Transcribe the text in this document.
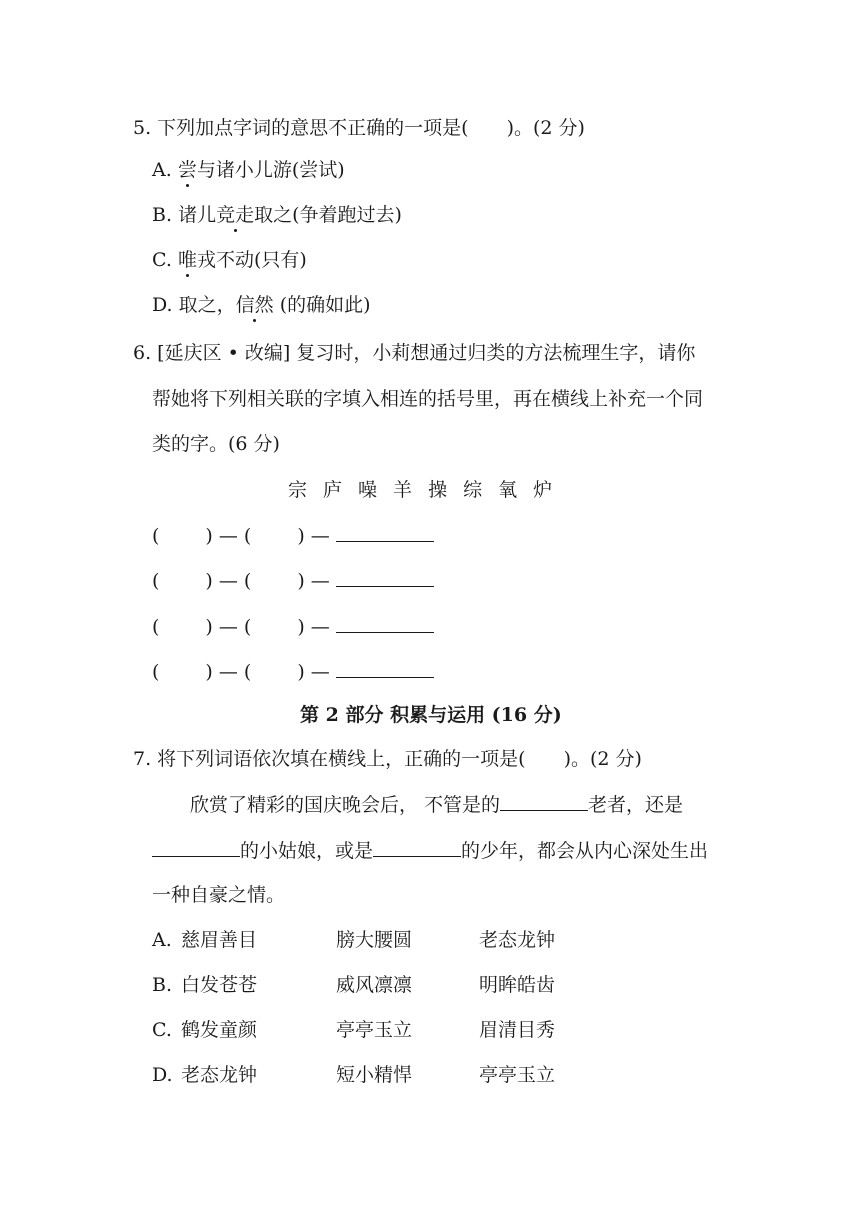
5. 下列加点字词的意思不正确的一项是(　　)。(2 分)
A. 尝与诸小儿游(尝试)
B. 诸儿竞走取之(争着跑过去)
C. 唯戎不动(只有)
D. 取之，信然 (的确如此)
6. [延庆区 • 改编] 复习时，小莉想通过归类的方法梳理生字，请你
帮她将下列相关联的字填入相连的括号里，再在横线上补充一个同
类的字。(6 分)
宗 庐 噪 羊 操 综 氧 炉
( ) — ( ) —
( ) — ( ) —
( ) — ( ) —
( ) — ( ) —
第 2 部分 积累与运用 (16 分)
7. 将下列词语依次填在横线上，正确的一项是(　　)。(2 分)
欣赏了精彩的国庆晚会后， 不管是的	老者，还是
的小姑娘，或是	的少年，都会从内心深处生出
一种自豪之情。
A. 慈眉善目	膀大腰圆	老态龙钟
B. 白发苍苍	威风凛凛	明眸皓齿
C. 鹤发童颜	亭亭玉立	眉清目秀
D. 老态龙钟	短小精悍	亭亭玉立
